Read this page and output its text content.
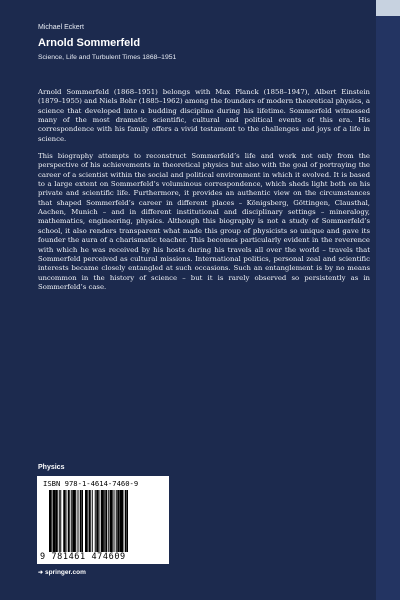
Michael Eckert

Arnold Sommerfeld

Science, Life and Turbulent Times 1868–1951

Arnold Sommerfeld (1868–1951) belongs with Max Planck (1858–1947), Albert Einstein (1879–1955) and Niels Bohr (1885–1962) among the founders of modern theoretical physics, a science that developed into a budding discipline during his lifetime. Sommerfeld witnessed many of the most dramatic scientific, cultural and political events of this era. His correspondence with his family offers a vivid testament to the challenges and joys of a life in science.

This biography attempts to reconstruct Sommerfeld’s life and work not only from the perspective of his achievements in theoretical physics but also with the goal of portraying the career of a scientist within the social and political environment in which it evolved. It is based to a large extent on Sommerfeld’s voluminous correspondence, which sheds light both on his private and scientific life. Furthermore, it provides an authentic view on the circumstances that shaped Sommerfeld’s career in different places – Königsberg, Göttingen, Clausthal, Aachen, Munich – and in different institutional and disciplinary settings – mineralogy, mathematics, engineering, physics. Although this biography is not a study of Sommerfeld’s school, it also renders transparent what made this group of physicists so unique and gave its founder the aura of a charismatic teacher. This becomes particularly evident in the reverence with which he was received by his hosts during his travels all over the world – travels that Sommerfeld perceived as cultural missions. International politics, personal zeal and scientific interests became closely entangled at such occasions. Such an entanglement is by no means uncommon in the history of science – but it is rarely observed so persistently as in Sommerfeld’s case.

Physics
ISBN 978-1-4614-7460-9
9 781461 474609
➜ springer.com
